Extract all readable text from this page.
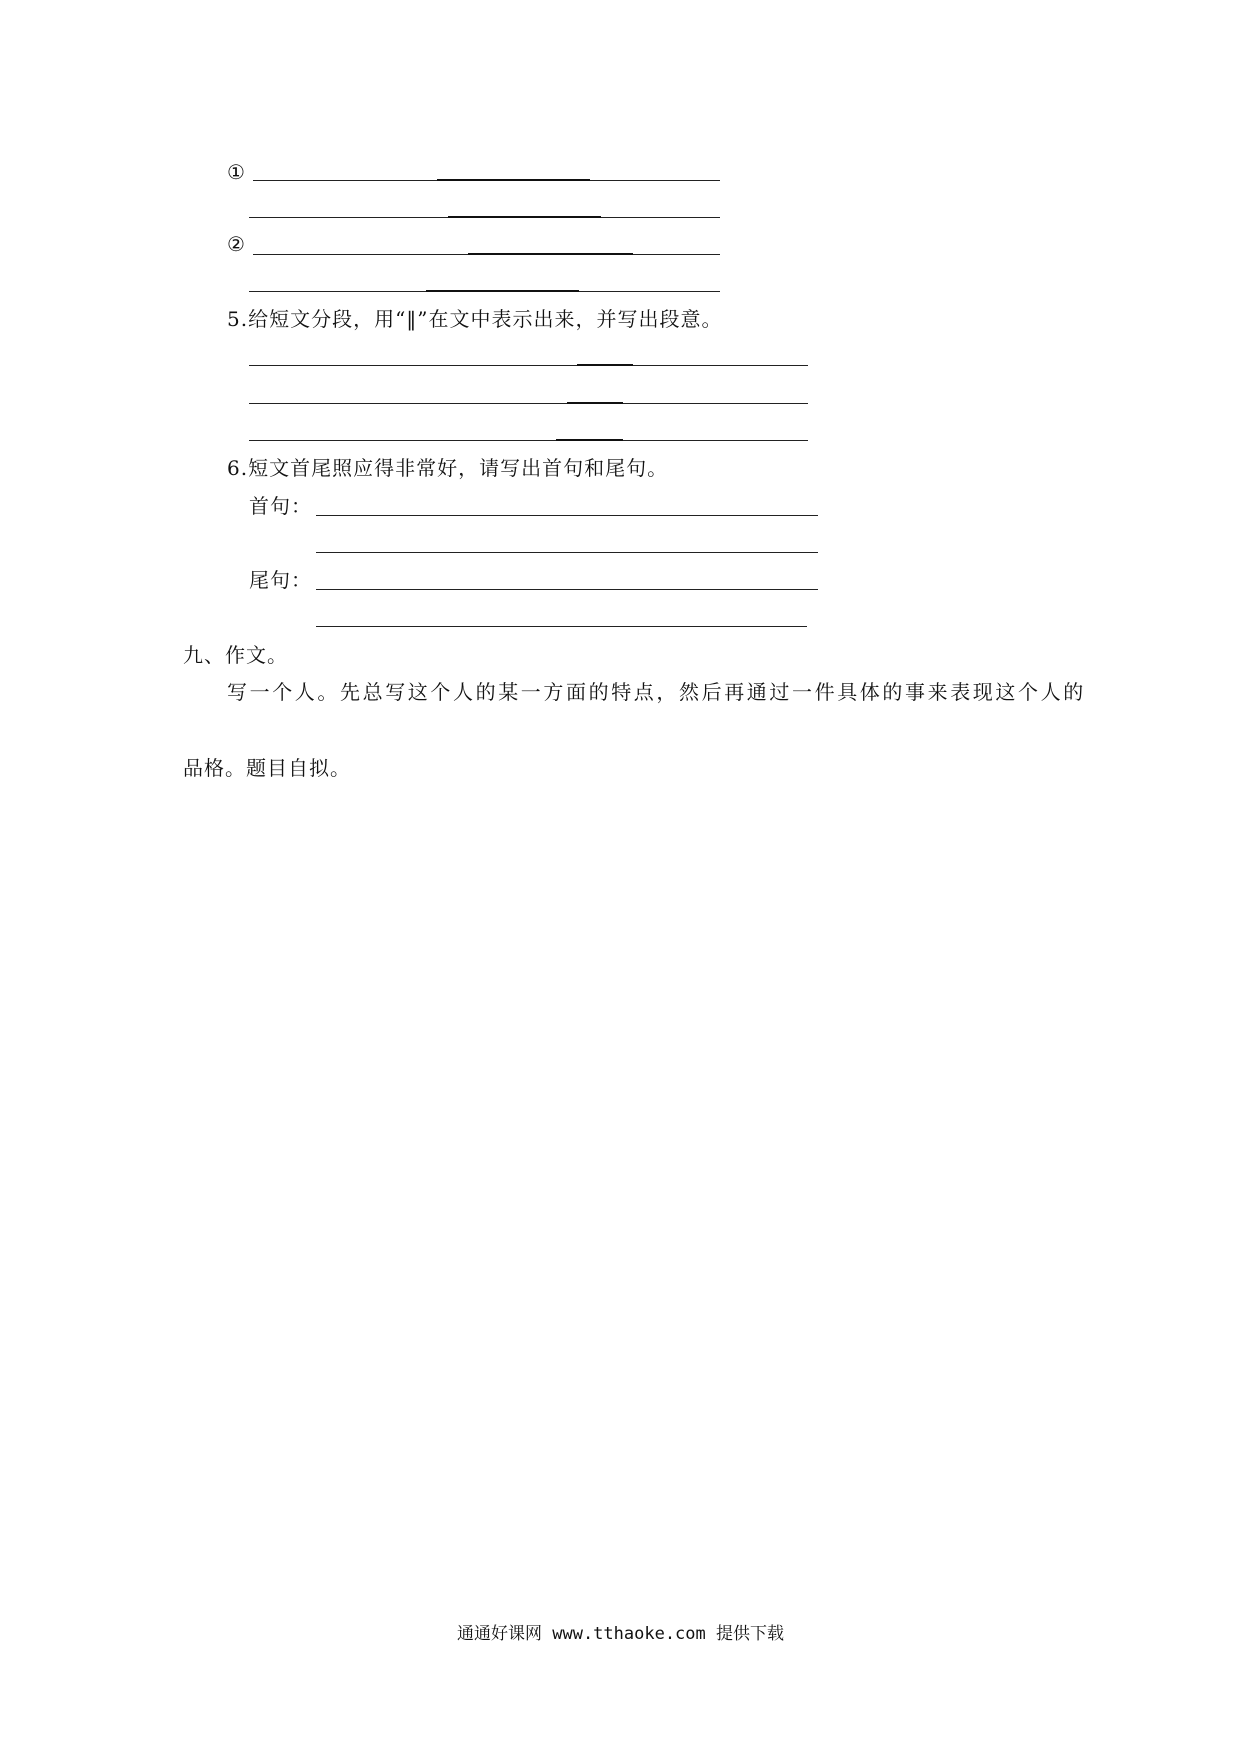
①
②
5.给短文分段，用“‖”在文中表示出来，并写出段意。
6.短文首尾照应得非常好，请写出首句和尾句。
首句：
尾句：
九、作文。
写一个人。先总写这个人的某一方面的特点，然后再通过一件具体的事来表现这个人的
品格。题目自拟。
通通好课网 www.tthaoke.com 提供下载
